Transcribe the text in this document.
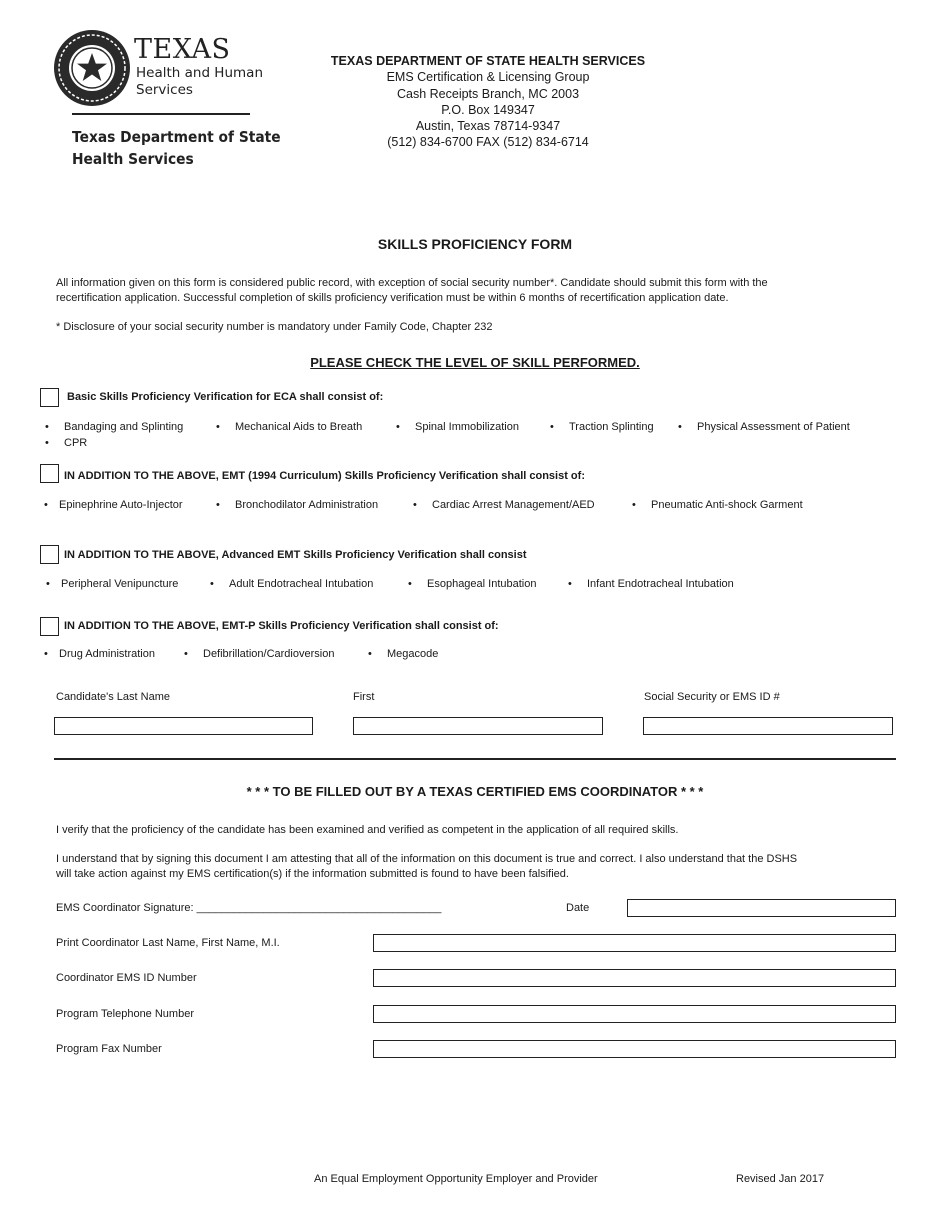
TEXAS
Health and Human
Services
Texas Department of State
Health Services
TEXAS DEPARTMENT OF STATE HEALTH SERVICES
EMS Certification & Licensing Group
Cash Receipts Branch, MC 2003
P.O. Box 149347
Austin, Texas 78714-9347
(512) 834-6700 FAX (512) 834-6714
SKILLS PROFICIENCY FORM
All information given on this form is considered public record, with exception of social security number*. Candidate should submit this form with the
recertification application. Successful completion of skills proficiency verification must be within 6 months of recertification application date.
* Disclosure of your social security number is mandatory under Family Code, Chapter 232
PLEASE CHECK THE LEVEL OF SKILL PERFORMED.
Basic Skills Proficiency Verification for ECA shall consist of:
• Bandaging and Splinting	• Mechanical Aids to Breath	• Spinal Immobilization	• Traction Splinting	• Physical Assessment of Patient
• CPR
IN ADDITION TO THE ABOVE, EMT (1994 Curriculum) Skills Proficiency Verification shall consist of:
• Epinephrine Auto-Injector	• Bronchodilator Administration	• Cardiac Arrest Management/AED	• Pneumatic Anti-shock Garment
IN ADDITION TO THE ABOVE, Advanced EMT Skills Proficiency Verification shall consist
• Peripheral Venipuncture	• Adult Endotracheal Intubation	• Esophageal Intubation	• Infant Endotracheal Intubation
IN ADDITION TO THE ABOVE, EMT-P Skills Proficiency Verification shall consist of:
• Drug Administration	• Defibrillation/Cardioversion	• Megacode
Candidate's Last Name	First	Social Security or EMS ID #
* * * TO BE FILLED OUT BY A TEXAS CERTIFIED EMS COORDINATOR * * *
I verify that the proficiency of the candidate has been examined and verified as competent in the application of all required skills.
I understand that by signing this document I am attesting that all of the information on this document is true and correct. I also understand that the DSHS
will take action against my EMS certification(s) if the information submitted is found to have been falsified.
EMS Coordinator Signature: ________________________________________	Date
Print Coordinator Last Name, First Name, M.I.
Coordinator EMS ID Number
Program Telephone Number
Program Fax Number
An Equal Employment Opportunity Employer and Provider	Revised Jan 2017
